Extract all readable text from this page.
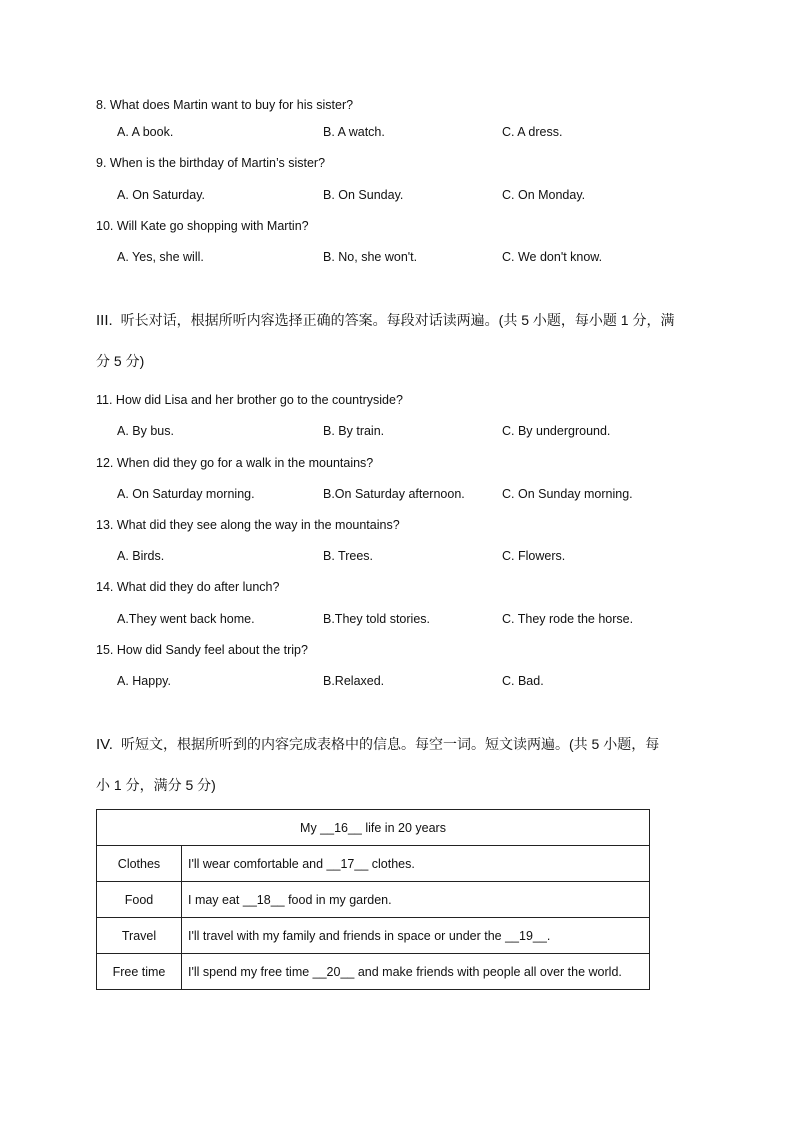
8. What does Martin want to buy for his sister?
A. A book.	B. A watch.	C. A dress.
9. When is the birthday of Martin’s sister?
A. On Saturday.	B. On Sunday.	C. On Monday.
10. Will Kate go shopping with Martin?
A. Yes, she will.	B. No, she won't.	C. We don't know.
III. 听长对话，根据所听内容选择正确的答案。每段对话读两遍。(共 5 小题，每小题 1 分，满
分 5 分)
11. How did Lisa and her brother go to the countryside?
A. By bus.	B. By train.	C. By underground.
12. When did they go for a walk in the mountains?
A. On Saturday morning.	B.On Saturday afternoon.	C. On Sunday morning.
13. What did they see along the way in the mountains?
A. Birds.	B. Trees.	C. Flowers.
14. What did they do after lunch?
A.They went back home.	B.They told stories.	C. They rode the horse.
15. How did Sandy feel about the trip?
A. Happy.	B.Relaxed.	C. Bad.
IV. 听短文，根据所听到的内容完成表格中的信息。每空一词。短文读两遍。(共 5 小题，每
小 1 分，满分 5 分)
My __16__ life in 20 years	
Clothes	I'll wear comfortable and __17__ clothes.
Food	I may eat __18__ food in my garden.
Travel	I'll travel with my family and friends in space or under the __19__.
Free time	I'll spend my free time __20__ and make friends with people all over the world.
